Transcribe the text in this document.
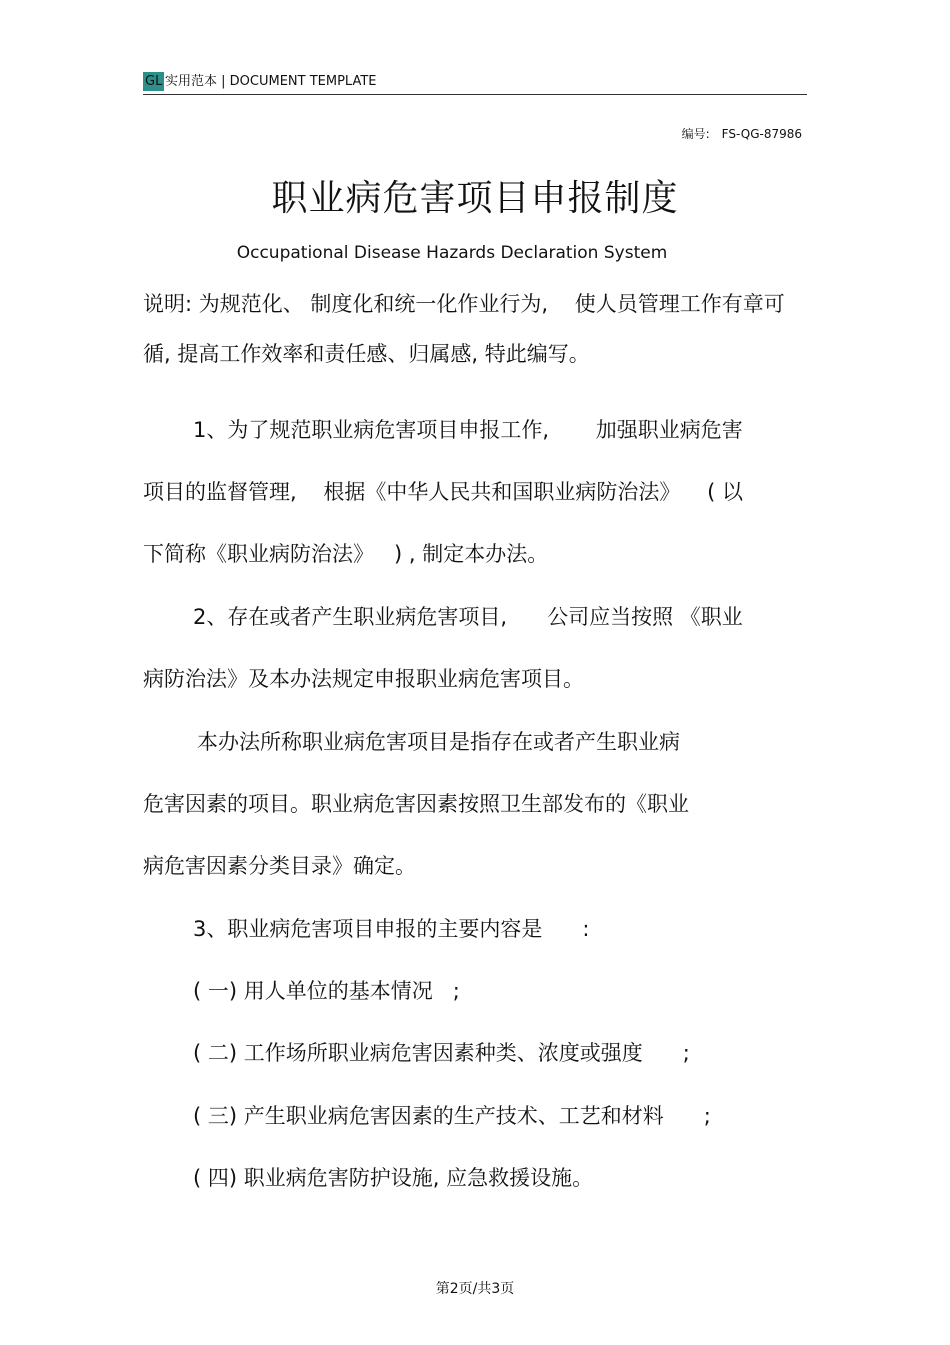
GL 实用范本 | DOCUMENT TEMPLATE
编号: FS-QG-87986
职业病危害项目申报制度
Occupational Disease Hazards Declaration System
说明: 为规范化、 制度化和统一化作业行为,    使人员管理工作有章可
循, 提高工作效率和责任感、归属感, 特此编写。
1、为了规范职业病危害项目申报工作,       加强职业病危害
项目的监督管理,    根据《中华人民共和国职业病防治法》    ( 以
下简称《职业病防治法》   ) , 制定本办法。
2、存在或者产生职业病危害项目,      公司应当按照 《职业
病防治法》及本办法规定申报职业病危害项目。
本办法所称职业病危害项目是指存在或者产生职业病
危害因素的项目。职业病危害因素按照卫生部发布的《职业
病危害因素分类目录》确定。
3、职业病危害项目申报的主要内容是      :
( 一) 用人单位的基本情况   ;
( 二) 工作场所职业病危害因素种类、浓度或强度      ;
( 三) 产生职业病危害因素的生产技术、工艺和材料      ;
( 四) 职业病危害防护设施, 应急救援设施。
第2页/共3页
